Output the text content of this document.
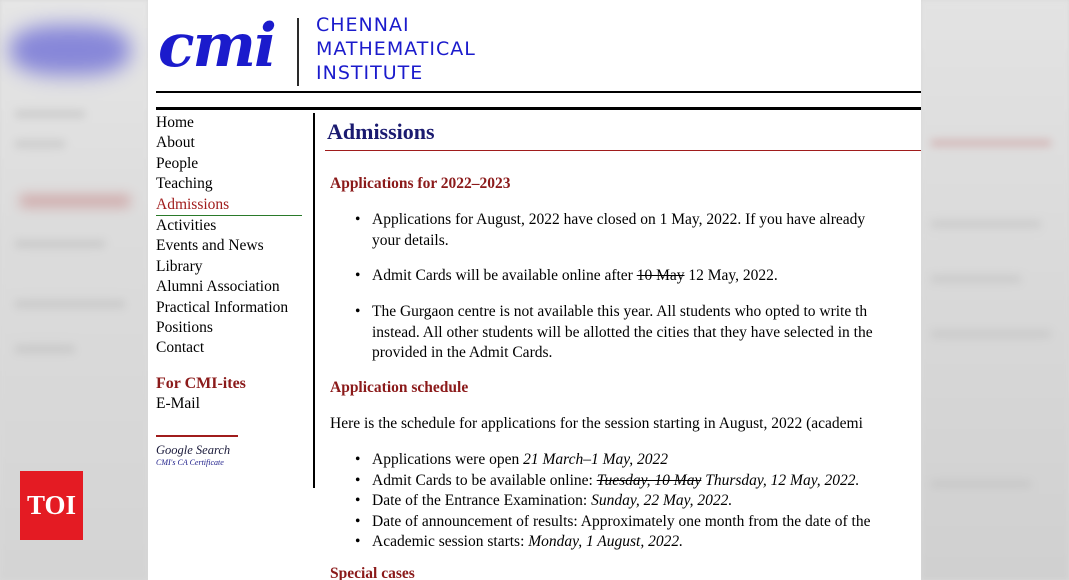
TOI
cmi	CHENNAI
MATHEMATICAL
INSTITUTE
Home
About
People
Teaching
Admissions
Activities
Events and News
Library
Alumni Association
Practical Information
Positions
Contact
For CMI-ites
E-Mail
Google Search
CMI's CA Certificate
Admissions
Applications for 2022–2023
• Applications for August, 2022 have closed on 1 May, 2022. If you have already
your details.
• Admit Cards will be available online after 10 May 12 May, 2022.
• The Gurgaon centre is not available this year. All students who opted to write th
instead. All other students will be allotted the cities that they have selected in the
provided in the Admit Cards.
Application schedule
Here is the schedule for applications for the session starting in August, 2022 (academi
• Applications were open 21 March–1 May, 2022
• Admit Cards to be available online: Tuesday, 10 May Thursday, 12 May, 2022.
• Date of the Entrance Examination: Sunday, 22 May, 2022.
• Date of announcement of results: Approximately one month from the date of the
• Academic session starts: Monday, 1 August, 2022.
Special cases
